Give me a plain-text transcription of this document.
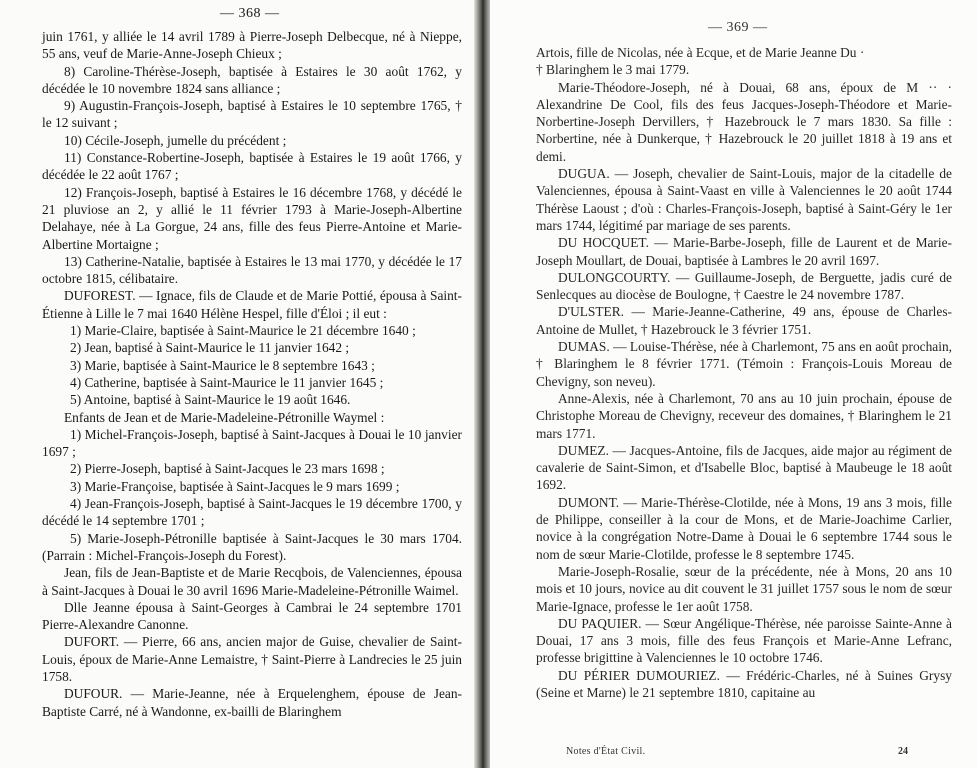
— 368 —

juin 1761, y alliée le 14 avril 1789 à Pierre-Joseph Delbecque, né à Nieppe, 55 ans, veuf de Marie-Anne-Joseph Chieux ;

8) Caroline-Thérèse-Joseph, baptisée à Estaires le 30 août 1762, y décédée le 10 novembre 1824 sans alliance ;

9) Augustin-François-Joseph, baptisé à Estaires le 10 septembre 1765, † le 12 suivant ;

10) Cécile-Joseph, jumelle du précédent ;

11) Constance-Robertine-Joseph, baptisée à Estaires le 19 août 1766, y décédée le 22 août 1767 ;

12) François-Joseph, baptisé à Estaires le 16 décembre 1768, y décédé le 21 pluviose an 2, y allié le 11 février 1793 à Marie-Joseph-Albertine Delahaye, née à La Gorgue, 24 ans, fille des feus Pierre-Antoine et Marie-Albertine Mortaigne ;

13) Catherine-Natalie, baptisée à Estaires le 13 mai 1770, y décédée le 17 octobre 1815, célibataire.

DUFOREST. — Ignace, fils de Claude et de Marie Pottié, épousa à Saint-Étienne à Lille le 7 mai 1640 Hélène Hespel, fille d'Éloi ; il eut :

1) Marie-Claire, baptisée à Saint-Maurice le 21 décembre 1640 ;

2) Jean, baptisé à Saint-Maurice le 11 janvier 1642 ;

3) Marie, baptisée à Saint-Maurice le 8 septembre 1643 ;

4) Catherine, baptisée à Saint-Maurice le 11 janvier 1645 ;

5) Antoine, baptisé à Saint-Maurice le 19 août 1646.

Enfants de Jean et de Marie-Madeleine-Pétronille Waymel :

1) Michel-François-Joseph, baptisé à Saint-Jacques à Douai le 10 janvier 1697 ;

2) Pierre-Joseph, baptisé à Saint-Jacques le 23 mars 1698 ;

3) Marie-Françoise, baptisée à Saint-Jacques le 9 mars 1699 ;

4) Jean-François-Joseph, baptisé à Saint-Jacques le 19 décembre 1700, y décédé le 14 septembre 1701 ;

5) Marie-Joseph-Pétronille baptisée à Saint-Jacques le 30 mars 1704. (Parrain : Michel-François-Joseph du Forest).

Jean, fils de Jean-Baptiste et de Marie Recqbois, de Valenciennes, épousa à Saint-Jacques à Douai le 30 avril 1696 Marie-Madeleine-Pétronille Waimel.

Dlle Jeanne épousa à Saint-Georges à Cambrai le 24 septembre 1701 Pierre-Alexandre Canonne.

DUFORT. — Pierre, 66 ans, ancien major de Guise, chevalier de Saint-Louis, époux de Marie-Anne Lemaistre, † Saint-Pierre à Landrecies le 25 juin 1758.

DUFOUR. — Marie-Jeanne, née à Erquelenghem, épouse de Jean-Baptiste Carré, né à Wandonne, ex-bailli de Blaringhem

— 369 —

Artois, fille de Nicolas, née à Ecque, et de Marie Jeanne Du ·

† Blaringhem le 3 mai 1779.

Marie-Théodore-Joseph, né à Douai, 68 ans, époux de M ·· · Alexandrine De Cool, fils des feus Jacques-Joseph-Théodore et Marie-Norbertine-Joseph Dervillers, † Hazebrouck le 7 mars 1830. Sa fille : Norbertine, née à Dunkerque, † Hazebrouck le 20 juillet 1818 à 19 ans et demi.

DUGUA. — Joseph, chevalier de Saint-Louis, major de la citadelle de Valenciennes, épousa à Saint-Vaast en ville à Valenciennes le 20 août 1744 Thérèse Laoust ; d'où : Charles-François-Joseph, baptisé à Saint-Géry le 1er mars 1744, légitimé par mariage de ses parents.

DU HOCQUET. — Marie-Barbe-Joseph, fille de Laurent et de Marie-Joseph Moullart, de Douai, baptisée à Lambres le 20 avril 1697.

DULONGCOURTY. — Guillaume-Joseph, de Berguette, jadis curé de Senlecques au diocèse de Boulogne, † Caestre le 24 novembre 1787.

D'ULSTER. — Marie-Jeanne-Catherine, 49 ans, épouse de Charles-Antoine de Mullet, † Hazebrouck le 3 février 1751.

DUMAS. — Louise-Thérèse, née à Charlemont, 75 ans en août prochain, † Blaringhem le 8 février 1771. (Témoin : François-Louis Moreau de Chevigny, son neveu).

Anne-Alexis, née à Charlemont, 70 ans au 10 juin prochain, épouse de Christophe Moreau de Chevigny, receveur des domaines, † Blaringhem le 21 mars 1771.

DUMEZ. — Jacques-Antoine, fils de Jacques, aide major au régiment de cavalerie de Saint-Simon, et d'Isabelle Bloc, baptisé à Maubeuge le 18 août 1692.

DUMONT. — Marie-Thérèse-Clotilde, née à Mons, 19 ans 3 mois, fille de Philippe, conseiller à la cour de Mons, et de Marie-Joachime Carlier, novice à la congrégation Notre-Dame à Douai le 6 septembre 1744 sous le nom de sœur Marie-Clotilde, professe le 8 septembre 1745.

Marie-Joseph-Rosalie, sœur de la précédente, née à Mons, 20 ans 10 mois et 10 jours, novice au dit couvent le 31 juillet 1757 sous le nom de sœur Marie-Ignace, professe le 1er août 1758.

DU PAQUIER. — Sœur Angélique-Thérèse, née paroisse Sainte-Anne à Douai, 17 ans 3 mois, fille des feus François et Marie-Anne Lefranc, professe brigittine à Valenciennes le 10 octobre 1746.

DU PÉRIER DUMOURIEZ. — Frédéric-Charles, né à Suines Grysy (Seine et Marne) le 21 septembre 1810, capitaine au

Notes d'État Civil.	24
